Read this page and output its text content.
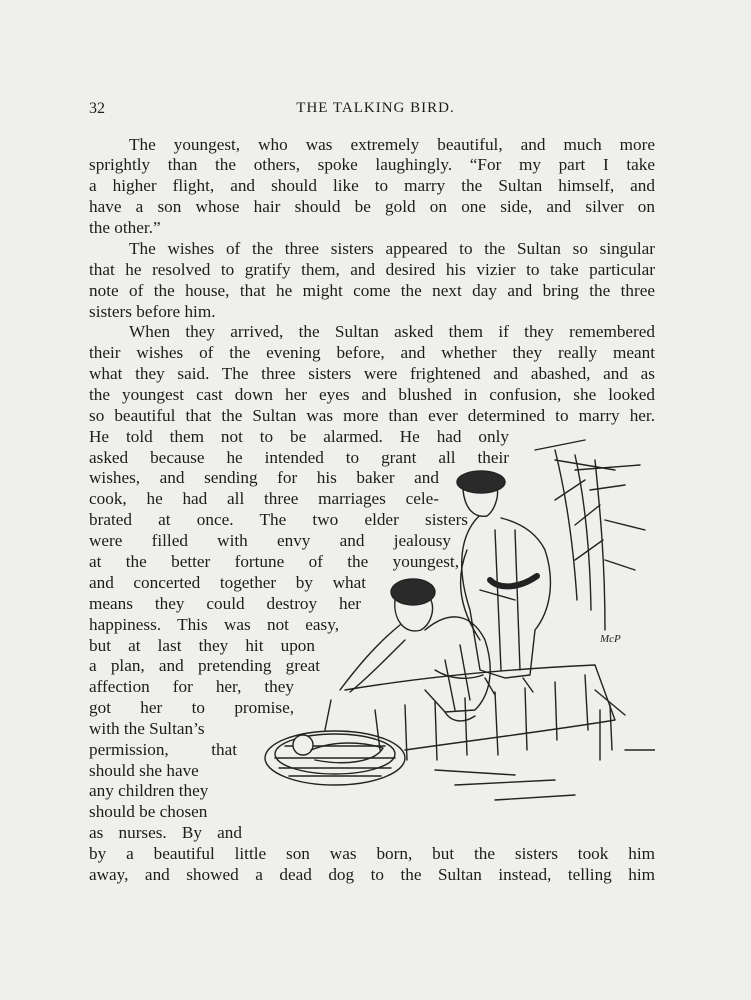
32	THE TALKING BIRD.
The youngest, who was extremely beautiful, and much more
sprightly than the others, spoke laughingly. “For my part I take
a higher flight, and should like to marry the Sultan himself, and
have a son whose hair should be gold on one side, and silver on
the other.”
The wishes of the three sisters appeared to the Sultan so singular
that he resolved to gratify them, and desired his vizier to take particular
note of the house, that he might come the next day and bring the three
sisters before him.
When they arrived, the Sultan asked them if they remembered
their wishes of the evening before, and whether they really meant
what they said. The three sisters were frightened and abashed, and as
the youngest cast down her eyes and blushed in confusion, she looked
so beautiful that the Sultan was more than ever determined to marry her.
He told them not to be alarmed. He had only
asked because he intended to grant all their
wishes, and sending for his baker and
cook, he had all three marriages cele-
brated at once. The two elder sisters
were filled with envy and jealousy
at the better fortune of the youngest,
and concerted together by what
means they could destroy her
happiness. This was not easy,
but at last they hit upon
a plan, and pretending great
affection for her, they
got her to promise,
with the Sultan’s
permission, that
should she have
any children they
should be chosen
as nurses. By and
by a beautiful little son was born, but the sisters took him
away, and showed a dead dog to the Sultan instead, telling him
McP
